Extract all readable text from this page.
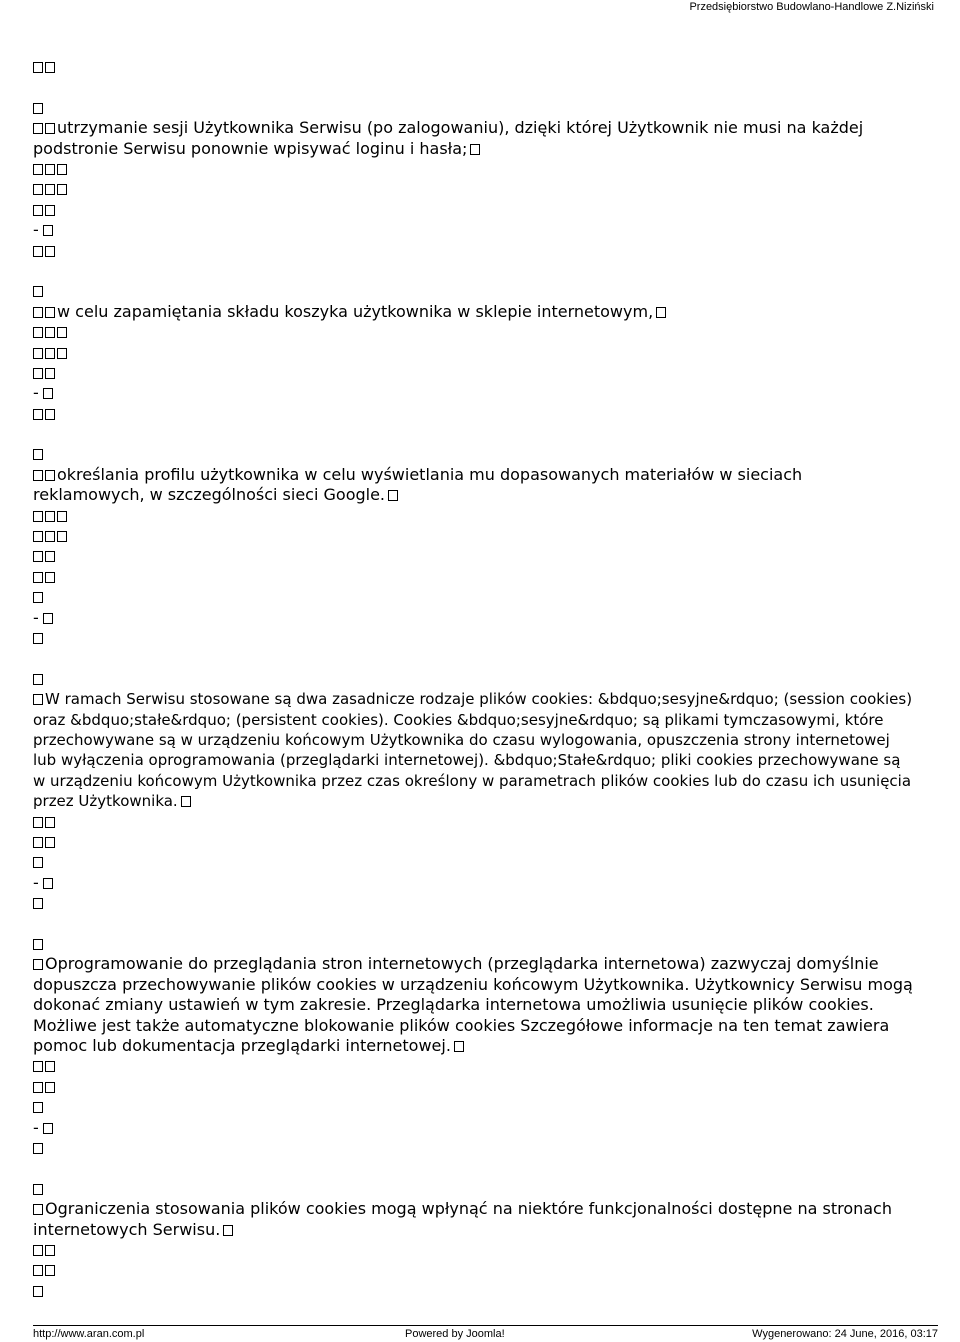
Przedsiębiorstwo Budowlano-Handlowe Z.Niziński
utrzymanie sesji Użytkownika Serwisu (po zalogowaniu), dzięki której Użytkownik nie musi na każdej podstronie Serwisu ponownie wpisywać loginu i hasła;
-
w celu zapamiętania składu koszyka użytkownika w sklepie internetowym,
-
określania profilu użytkownika w celu wyświetlania mu dopasowanych materiałów w sieciach reklamowych, w szczególności sieci Google.
-
W ramach Serwisu stosowane są dwa zasadnicze rodzaje plików cookies: &bdquo;sesyjne&rdquo; (session cookies) oraz &bdquo;stałe&rdquo; (persistent cookies). Cookies &bdquo;sesyjne&rdquo; są plikami tymczasowymi, które przechowywane są w urządzeniu końcowym Użytkownika do czasu wylogowania, opuszczenia strony internetowej lub wyłączenia oprogramowania (przeglądarki internetowej). &bdquo;Stałe&rdquo; pliki cookies przechowywane są w urządzeniu końcowym Użytkownika przez czas określony w parametrach plików cookies lub do czasu ich usunięcia przez Użytkownika.
-
Oprogramowanie do przeglądania stron internetowych (przeglądarka internetowa) zazwyczaj domyślnie dopuszcza przechowywanie plików cookies w urządzeniu końcowym Użytkownika. Użytkownicy Serwisu mogą dokonać zmiany ustawień w tym zakresie. Przeglądarka internetowa umożliwia usunięcie plików cookies. Możliwe jest także automatyczne blokowanie plików cookies Szczegółowe informacje na ten temat zawiera pomoc lub dokumentacja przeglądarki internetowej.
-
Ograniczenia stosowania plików cookies mogą wpłynąć na niektóre funkcjonalności dostępne na stronach internetowych Serwisu.
http://www.aran.com.pl	Powered by Joomla!	Wygenerowano: 24 June, 2016, 03:17
